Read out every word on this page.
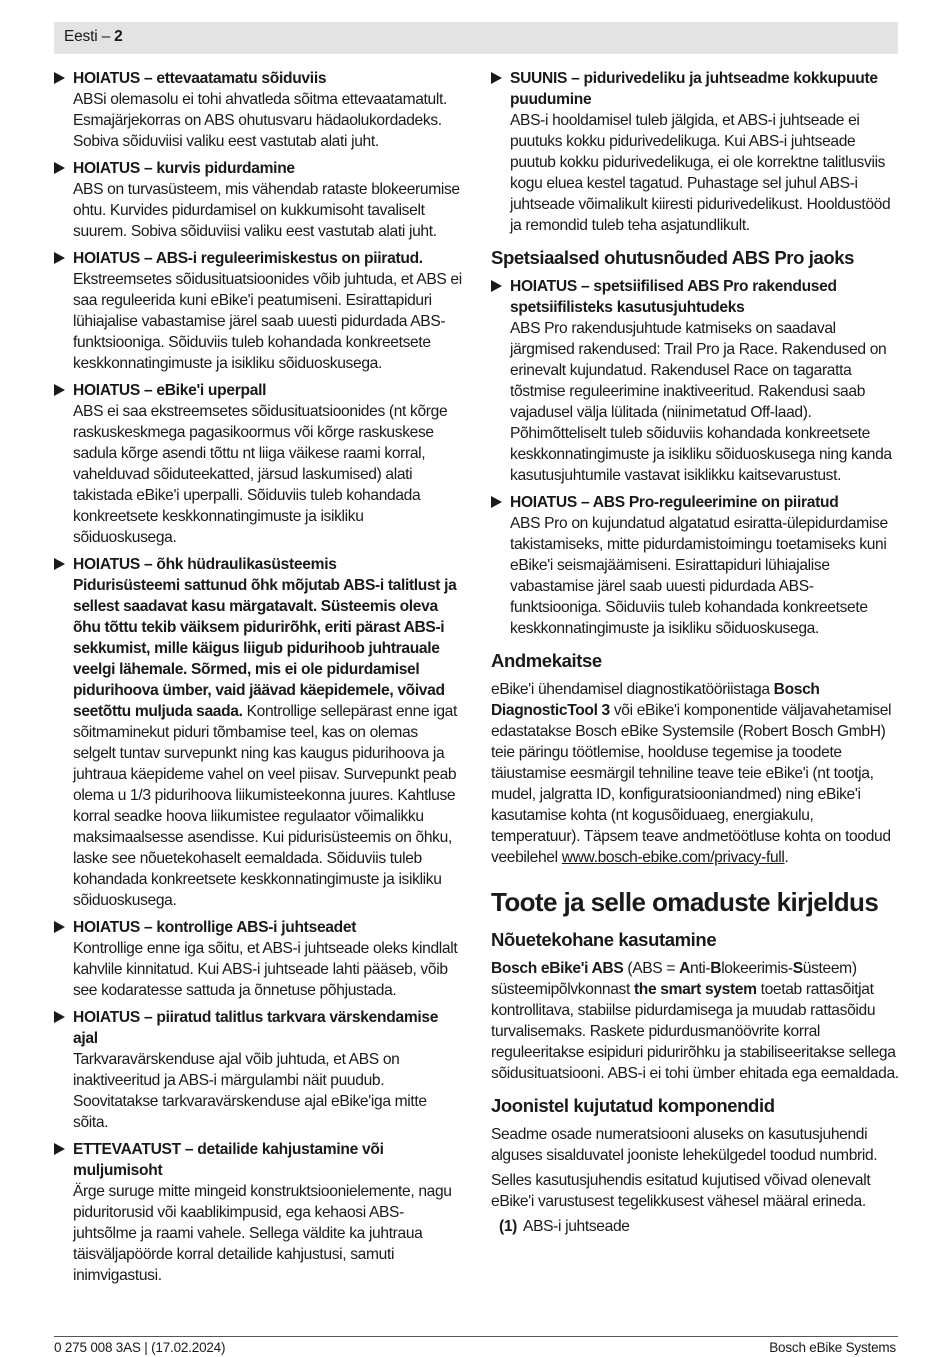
Eesti – 2
HOIATUS – ettevaatamatu sõiduviis
ABSi olemasolu ei tohi ahvatleda sõitma ettevaatamatult. Esmajärjekorras on ABS ohutusvaru hädaolukordadeks. Sobiva sõiduviisi valiku eest vastutab alati juht.
HOIATUS – kurvis pidurdamine
ABS on turvasüsteem, mis vähendab rataste blokeerumise ohtu. Kurvides pidurdamisel on kukkumisoht tavaliselt suurem. Sobiva sõiduviisi valiku eest vastutab alati juht.
HOIATUS – ABS-i reguleerimiskestus on piiratud.
Ekstreemsetes sõidusituatsioonides võib juhtuda, et ABS ei saa reguleerida kuni eBike'i peatumiseni. Esirattapiduri lühiajalise vabastamise järel saab uuesti pidurdada ABS-funktsiooniga. Sõiduviis tuleb kohandada konkreetsete keskkonnatingimuste ja isikliku sõiduoskusega.
HOIATUS – eBike'i uperpall
ABS ei saa ekstreemsetes sõidusituatsioonides (nt kõrge raskuskeskmega pagasikoormus või kõrge raskuskese sadula kõrge asendi tõttu nt liiga väikese raami korral, vahelduvad sõiduteekatted, järsud laskumised) alati takistada eBike'i uperpalli. Sõiduviis tuleb kohandada konkreetsete keskkonnatingimuste ja isikliku sõiduoskusega.
HOIATUS – õhk hüdraulikasüsteemis
Pidurisüsteemi sattunud õhk mõjutab ABS-i talitlust ja sellest saadavat kasu märgatavalt. Süsteemis oleva õhu tõttu tekib väiksem pidurirõhk, eriti pärast ABS-i sekkumist, mille käigus liigub pidurihoob juhtrauale veelgi lähemale. Sõrmed, mis ei ole pidurdamisel pidurihoova ümber, vaid jäävad käepidemele, võivad seetõttu muljuda saada. Kontrollige sellepärast enne igat sõitmaminekut piduri tõmbamise teel, kas on olemas selgelt tuntav survepunkt ning kas kaugus pidurihoova ja juhtraua käepideme vahel on veel piisav. Survepunkt peab olema u 1/3 pidurihoova liikumisteekonna juures. Kahtluse korral seadke hoova liikumistee regulaator võimalikku maksimaalsesse asendisse. Kui pidurisüsteemis on õhku, laske see nõuetekohaselt eemaldada. Sõiduviis tuleb kohandada konkreetsete keskkonnatingimuste ja isikliku sõiduoskusega.
HOIATUS – kontrollige ABS-i juhtseadet
Kontrollige enne iga sõitu, et ABS-i juhtseade oleks kindlalt kahvlile kinnitatud. Kui ABS-i juhtseade lahti pääseb, võib see kodaratesse sattuda ja õnnetuse põhjustada.
HOIATUS – piiratud talitlus tarkvara värskendamise ajal
Tarkvaravärskenduse ajal võib juhtuda, et ABS on inaktiveeritud ja ABS-i märgulambi näit puudub. Soovitatakse tarkvaravärskenduse ajal eBike'iga mitte sõita.
ETTEVAATUST – detailide kahjustamine või muljumisoht
Ärge suruge mitte mingeid konstruktsioonielemente, nagu piduritorusid või kaablikimpusid, ega kehaosi ABS-juhtsõlme ja raami vahele. Sellega väldite ka juhtraua täisväljapöörde korral detailide kahjustusi, samuti inimvigastusi.
SUUNIS – pidurivedeliku ja juhtseadme kokkupuute puudumine
ABS-i hooldamisel tuleb jälgida, et ABS-i juhtseade ei puutuks kokku pidurivedelikuga. Kui ABS-i juhtseade puutub kokku pidurivedelikuga, ei ole korrektne talitlusviis kogu eluea kestel tagatud. Puhastage sel juhul ABS-i juhtseade võimalikult kiiresti pidurivedelikust. Hooldustööd ja remondid tuleb teha asjatundlikult.
Spetsiaalsed ohutusnõuded ABS Pro jaoks
HOIATUS – spetsiifilised ABS Pro rakendused spetsiifilisteks kasutusjuhtudeks
ABS Pro rakendusjuhtude katmiseks on saadaval järgmised rakendused: Trail Pro ja Race. Rakendused on erinevalt kujundatud. Rakendusel Race on tagaratta tõstmise reguleerimine inaktiveeritud. Rakendusi saab vajadusel välja lülitada (niinimetatud Off-laad). Põhimõtteliselt tuleb sõiduviis kohandada konkreetsete keskkonnatingimuste ja isikliku sõiduoskusega ning kanda kasutusjuhtumile vastavat isiklikku kaitsevarustust.
HOIATUS – ABS Pro-reguleerimine on piiratud
ABS Pro on kujundatud algatatud esiratta-ülepidurdamise takistamiseks, mitte pidurdamistoimingu toetamiseks kuni eBike'i seismajäämiseni. Esirattapiduri lühiajalise vabastamise järel saab uuesti pidurdada ABS-funktsiooniga. Sõiduviis tuleb kohandada konkreetsete keskkonnatingimuste ja isikliku sõiduoskusega.
Andmekaitse

eBike'i ühendamisel diagnostikatööriistaga Bosch DiagnosticTool 3 või eBike'i komponentide väljavahetamisel edastatakse Bosch eBike Systemsile (Robert Bosch GmbH) teie päringu töötlemise, hoolduse tegemise ja toodete täiustamise eesmärgil tehniline teave teie eBike'i (nt tootja, mudel, jalgratta ID, konfiguratsiooniandmed) ning eBike'i kasutamise kohta (nt kogusõiduaeg, energiakulu, temperatuur). Täpsem teave andmetöötluse kohta on toodud veebilehel www.bosch-ebike.com/privacy-full.

Toote ja selle omaduste kirjeldus
Nõuetekohane kasutamine

Bosch eBike'i ABS (ABS = Anti-Blokeerimis-Süsteem) süsteemipõlvkonnast the smart system toetab rattasõitjat kontrollitava, stabiilse pidurdamisega ja muudab rattasõidu turvalisemaks. Raskete pidurdusmanöövrite korral reguleeritakse esipiduri pidurirõhku ja stabiliseeritakse sellega sõidusituatsiooni. ABS-i ei tohi ümber ehitada ega eemaldada.

Joonistel kujutatud komponendid

Seadme osade numeratsiooni aluseks on kasutusjuhendi alguses sisalduvatel jooniste lehekülgedel toodud numbrid.

Selles kasutusjuhendis esitatud kujutised võivad olenevalt eBike'i varustusest tegelikkusest vähesel määral erineda.

(1) ABS-i juhtseade
0 275 008 3AS | (17.02.2024)	Bosch eBike Systems
